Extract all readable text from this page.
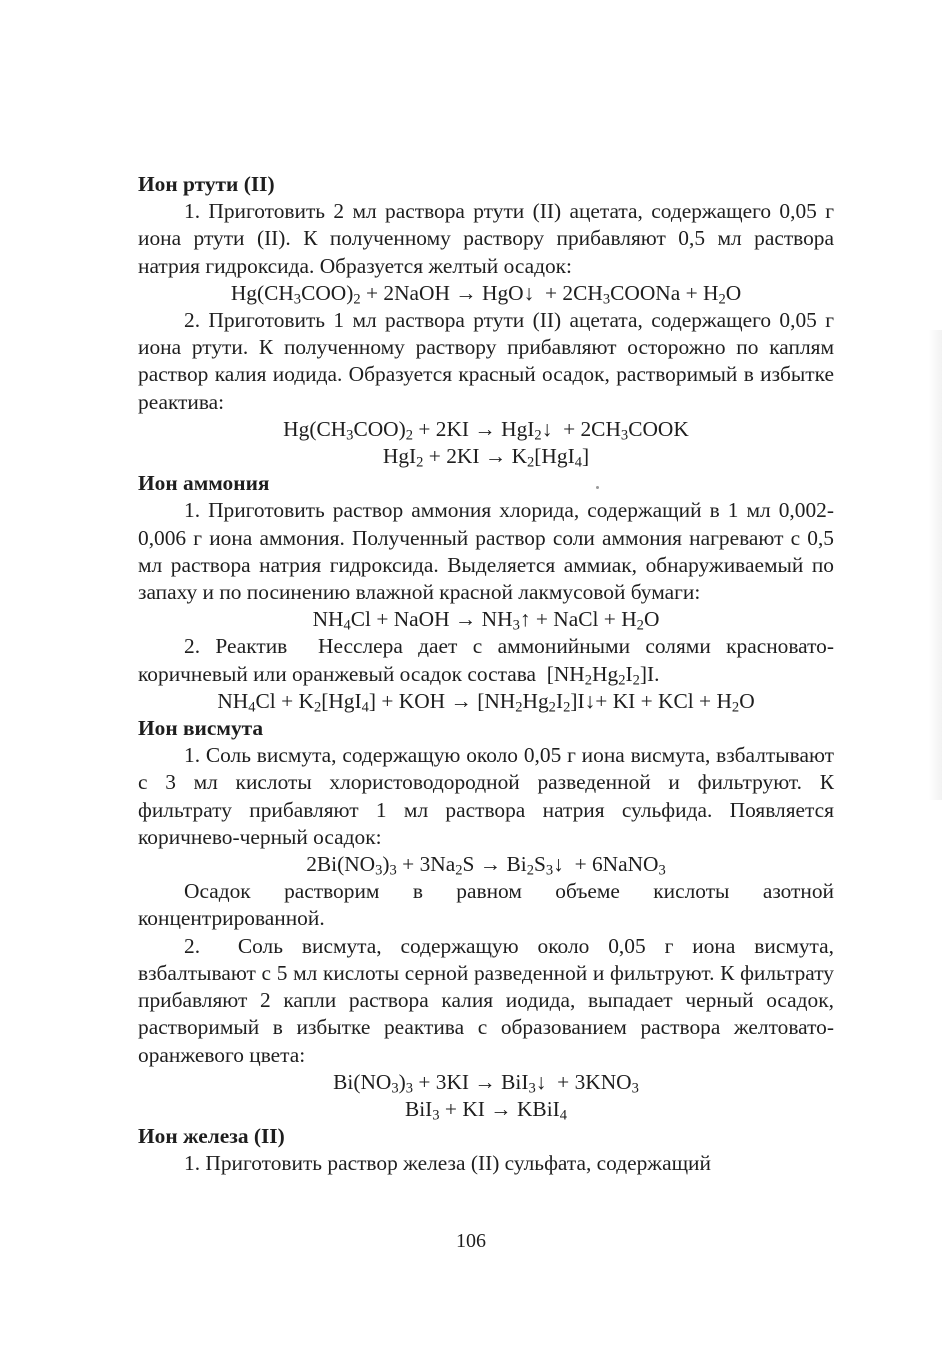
Ион ртути (II)

1. Приготовить 2 мл раствора ртути (II) ацетата, содержащего 0,05 г иона ртути (II). К полученному раствору прибавляют 0,5 мл раствора натрия гидроксида. Образуется желтый осадок:

$Hg(CH_3COO)_2$ + 2NaOH → HgO↓  + $2CH_3COONa + H_2O$

2. Приготовить 1 мл раствора ртути (II) ацетата, содержащего 0,05 г иона ртути. К полученному раствору прибавляют осторожно по каплям раствор калия иодида. Образуется красный осадок, растворимый в избытке реактива:

$Hg(CH_3COO)_2 + 2KI$ → HgI$_2$↓  + $2CH_3COOK$

$HgI_2 + 2KI \to K_2[HgI_4]$

Ион аммония

1. Приготовить раствор аммония хлорида, содержащий в 1 мл 0,002-0,006 г иона аммония. Полученный раствор соли аммония нагревают с 0,5 мл раствора натрия гидроксида. Выделяется аммиак, обнаруживаемый по запаху и по посинению влажной красной лакмусовой бумаги:

$NH_4Cl$ + NaOH → $NH_3↑$ + NaCl + $H_2O$

2. Реактив  Несслера дает с аммонийными солями красновато-коричневый или оранжевый осадок состава  $[NH_2Hg_2I_2]I$.

$NH_4Cl + K_2[HgI_4]$ + KOH → $[NH_2Hg_2I_2]I↓+$ KI + KCl + $H_2O$

Ион висмута

1. Соль висмута, содержащую около 0,05 г иона висмута, взбалтывают с 3 мл кислоты хлористоводородной разведенной и фильтруют. К фильтрату прибавляют 1 мл раствора натрия сульфида. Появляется коричнево-черный осадок:

$2Bi(NO_3)_3 + 3Na_2S$ → $Bi_2S_3↓$  + 6NaNO$_3$

Осадок растворим в равном объеме кислоты азотной концентрированной.

2.  Соль висмута, содержащую около 0,05 г иона висмута, взбалтывают с 5 мл кислоты серной разведенной и фильтруют. К фильтрату прибавляют 2 капли раствора калия иодида, выпадает черный осадок, растворимый в избытке реактива с образованием раствора желтовато-оранжевого цвета:

$Bi(NO_3)_3 + 3KI$ → BiI$_3$↓  + $3KNO_3$

BiI$_3$ + KI → KBiI$_4$

Ион железа (II)

1. Приготовить раствор железа (II) сульфата, содержащий

106
